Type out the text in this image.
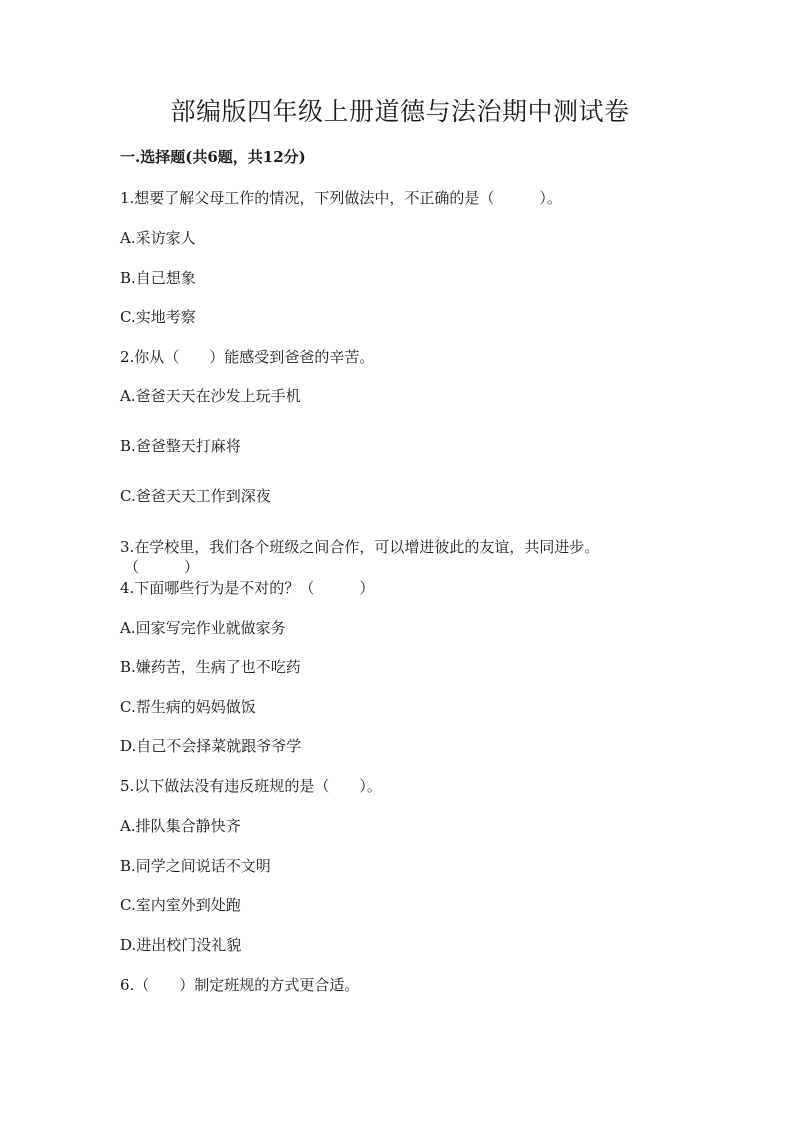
部编版四年级上册道德与法治期中测试卷
一.选择题(共6题，共12分)
1.想要了解父母工作的情况，下列做法中，不正确的是（　　　）。
A.采访家人
B.自己想象
C.实地考察
2.你从（　　）能感受到爸爸的辛苦。
A.爸爸天天在沙发上玩手机
B.爸爸整天打麻将
C.爸爸天天工作到深夜
3.在学校里，我们各个班级之间合作，可以增进彼此的友谊，共同进步。
（　　　）
4.下面哪些行为是不对的？（　　　）
A.回家写完作业就做家务
B.嫌药苦，生病了也不吃药
C.帮生病的妈妈做饭
D.自己不会择菜就跟爷爷学
5.以下做法没有违反班规的是（　　）。
A.排队集合静快齐
B.同学之间说话不文明
C.室内室外到处跑
D.进出校门没礼貌
6.（　　）制定班规的方式更合适。
